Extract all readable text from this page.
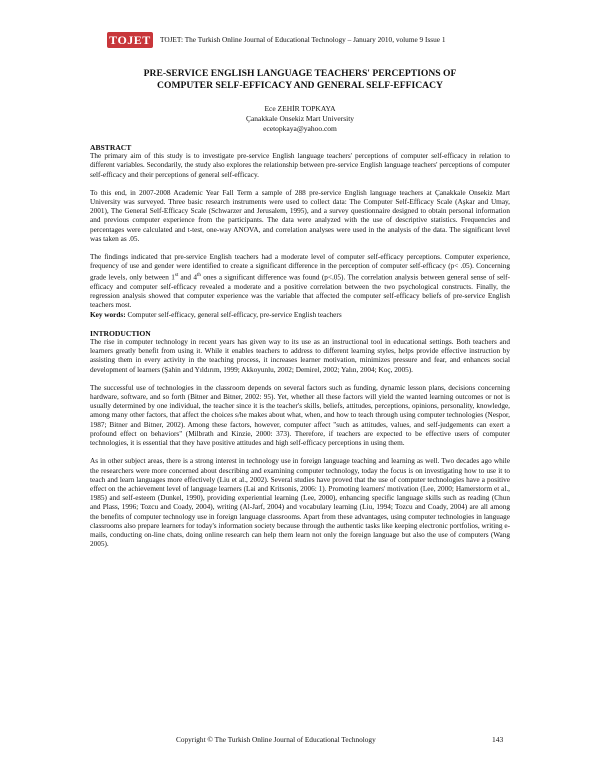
TOJET TOJET: The Turkish Online Journal of Educational Technology – January 2010, volume 9 Issue 1
PRE-SERVICE ENGLISH LANGUAGE TEACHERS' PERCEPTIONS OF
COMPUTER SELF-EFFICACY AND GENERAL SELF-EFFICACY
Ece ZEHİR TOPKAYA
Çanakkale Onsekiz Mart University
ecetopkaya@yahoo.com
ABSTRACT

The primary aim of this study is to investigate pre-service English language teachers' perceptions of computer self-efficacy in relation to different variables. Secondarily, the study also explores the relationship between pre-service English language teachers' perceptions of computer self-efficacy and their perceptions of general self-efficacy.

To this end, in 2007-2008 Academic Year Fall Term a sample of 288 pre-service English language teachers at Çanakkale Onsekiz Mart University was surveyed. Three basic research instruments were used to collect data: The Computer Self-Efficacy Scale (Aşkar and Umay, 2001), The General Self-Efficacy Scale (Schwarzer and Jerusalem, 1995), and a survey questionnaire designed to obtain personal information and previous computer experience from the participants. The data were analyzed with the use of descriptive statistics. Frequencies and percentages were calculated and t-test, one-way ANOVA, and correlation analyses were used in the analysis of the data. The significant level was taken as .05.

The findings indicated that pre-service English teachers had a moderate level of computer self-efficacy perceptions. Computer experience, frequency of use and gender were identified to create a significant difference in the perception of computer self-efficacy (p< .05). Concerning grade levels, only between 1st and 4th ones a significant difference was found (p<.05). The correlation analysis between general sense of self-efficacy and computer self-efficacy revealed a moderate and a positive correlation between the two psychological constructs. Finally, the regression analysis showed that computer experience was the variable that affected the computer self-efficacy beliefs of pre-service English teachers most.

Key words: Computer self-efficacy, general self-efficacy, pre-service English teachers

INTRODUCTION

The rise in computer technology in recent years has given way to its use as an instructional tool in educational settings. Both teachers and learners greatly benefit from using it. While it enables teachers to address to different learning styles, helps provide effective instruction by assisting them in every activity in the teaching process, it increases learner motivation, minimizes pressure and fear, and enhances social development of learners (Şahin and Yıldırım, 1999; Akkoyunlu, 2002; Demirel, 2002; Yalın, 2004; Koç, 2005).

The successful use of technologies in the classroom depends on several factors such as funding, dynamic lesson plans, decisions concerning hardware, software, and so forth (Bitner and Bitner, 2002: 95). Yet, whether all these factors will yield the wanted learning outcomes or not is usually determined by one individual, the teacher since it is the teacher's skills, beliefs, attitudes, perceptions, opinions, personality, knowledge, among many other factors, that affect the choices s/he makes about what, when, and how to teach through using computer technologies (Nespor, 1987; Bitner and Bitner, 2002). Among these factors, however, computer affect "such as attitudes, values, and self-judgements can exert a profound effect on behaviors" (Milbrath and Kinzie, 2000: 373). Therefore, if teachers are expected to be effective users of computer technologies, it is essential that they have positive attitudes and high self-efficacy perceptions in using them.

As in other subject areas, there is a strong interest in technology use in foreign language teaching and learning as well. Two decades ago while the researchers were more concerned about describing and examining computer technology, today the focus is on investigating how to use it to teach and learn languages more effectively (Liu et al., 2002). Several studies have proved that the use of computer technologies have a positive effect on the achievement level of language learners (Lai and Kritsonis, 2006: 1). Promoting learners' motivation (Lee, 2000; Hamerstorm et al., 1985) and self-esteem (Dunkel, 1990), providing experiential learning (Lee, 2000), enhancing specific language skills such as reading (Chun and Plass, 1996; Tozcu and Coady, 2004), writing (Al-Jarf, 2004) and vocabulary learning (Liu, 1994; Tozcu and Coady, 2004) are all among the benefits of computer technology use in foreign language classrooms. Apart from these advantages, using computer technologies in language classrooms also prepare learners for today's information society because through the authentic tasks like keeping electronic portfolios, writing e-mails, conducting on-line chats, doing online research can help them learn not only the foreign language but also the use of computers (Wang 2005).

Copyright © The Turkish Online Journal of Educational Technology	143
